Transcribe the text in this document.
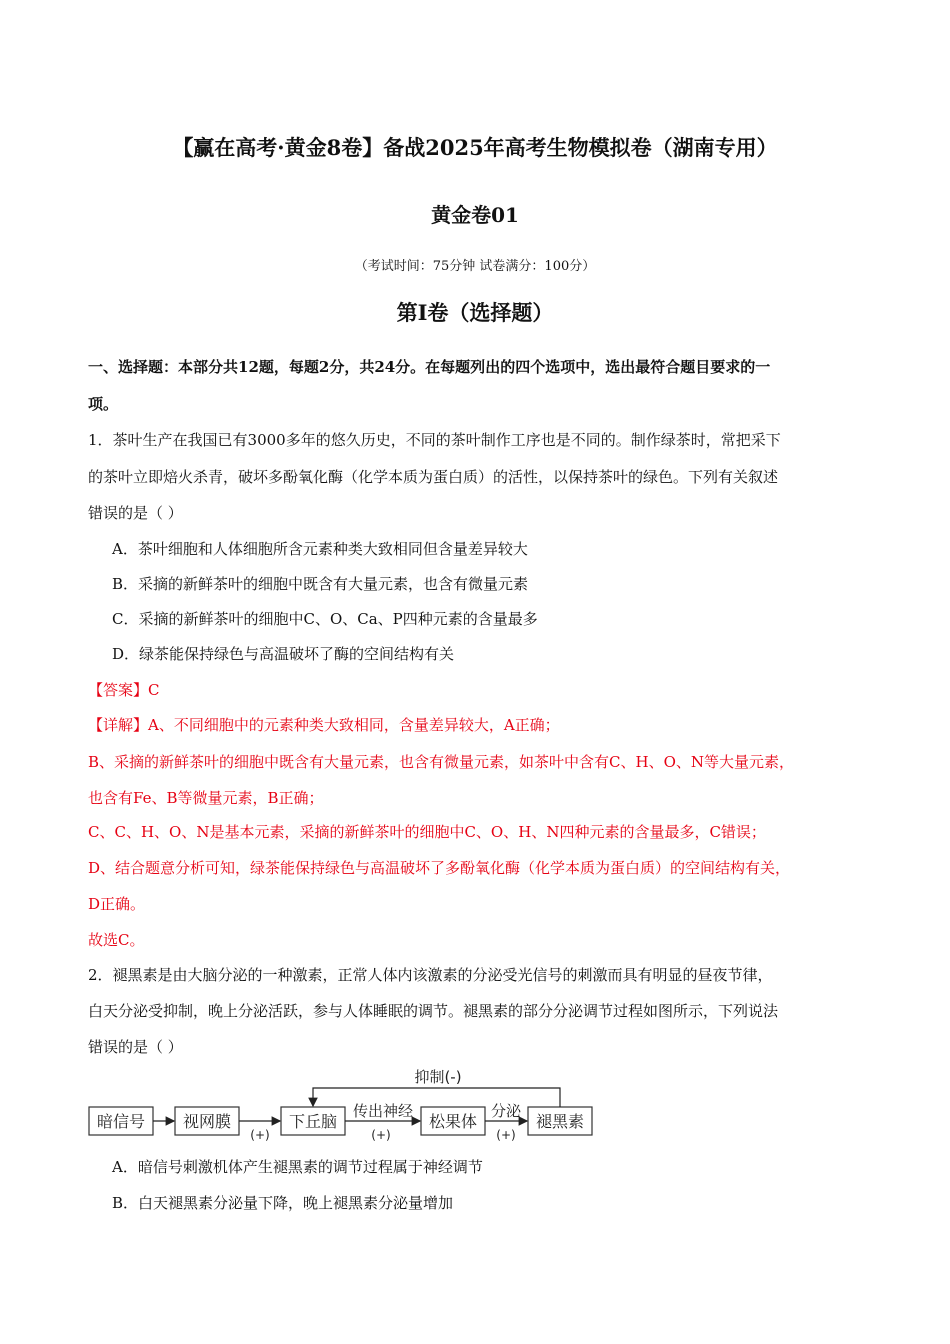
【赢在高考·黄金8卷】备战2025年高考生物模拟卷（湖南专用）
黄金卷01
（考试时间：75分钟 试卷满分：100分）
第I卷（选择题）
一、选择题：本部分共12题，每题2分，共24分。在每题列出的四个选项中，选出最符合题目要求的一
项。
1．茶叶生产在我国已有3000多年的悠久历史，不同的茶叶制作工序也是不同的。制作绿茶时，常把采下
的茶叶立即焙火杀青，破坏多酚氧化酶（化学本质为蛋白质）的活性，以保持茶叶的绿色。下列有关叙述
错误的是（ ）
A．茶叶细胞和人体细胞所含元素种类大致相同但含量差异较大
B．采摘的新鲜茶叶的细胞中既含有大量元素，也含有微量元素
C．采摘的新鲜茶叶的细胞中C、O、Ca、P四种元素的含量最多
D．绿茶能保持绿色与高温破坏了酶的空间结构有关
【答案】C
【详解】A、不同细胞中的元素种类大致相同，含量差异较大，A正确；
B、采摘的新鲜茶叶的细胞中既含有大量元素，也含有微量元素，如茶叶中含有C、H、O、N等大量元素，
也含有Fe、B等微量元素，B正确；
C、C、H、O、N是基本元素，采摘的新鲜茶叶的细胞中C、O、H、N四种元素的含量最多，C错误；
D、结合题意分析可知，绿茶能保持绿色与高温破坏了多酚氧化酶（化学本质为蛋白质）的空间结构有关，
D正确。
故选C。
2．褪黑素是由大脑分泌的一种激素，正常人体内该激素的分泌受光信号的刺激而具有明显的昼夜节律，
白天分泌受抑制，晚上分泌活跃，参与人体睡眠的调节。褪黑素的部分分泌调节过程如图所示，下列说法
错误的是（ ）
暗信号 视网膜	下丘脑	松果体	褪黑素
抑制(-)
传出神经	分泌
(+)	(+)	(+)
A．暗信号刺激机体产生褪黑素的调节过程属于神经调节
B．白天褪黑素分泌量下降，晚上褪黑素分泌量增加
